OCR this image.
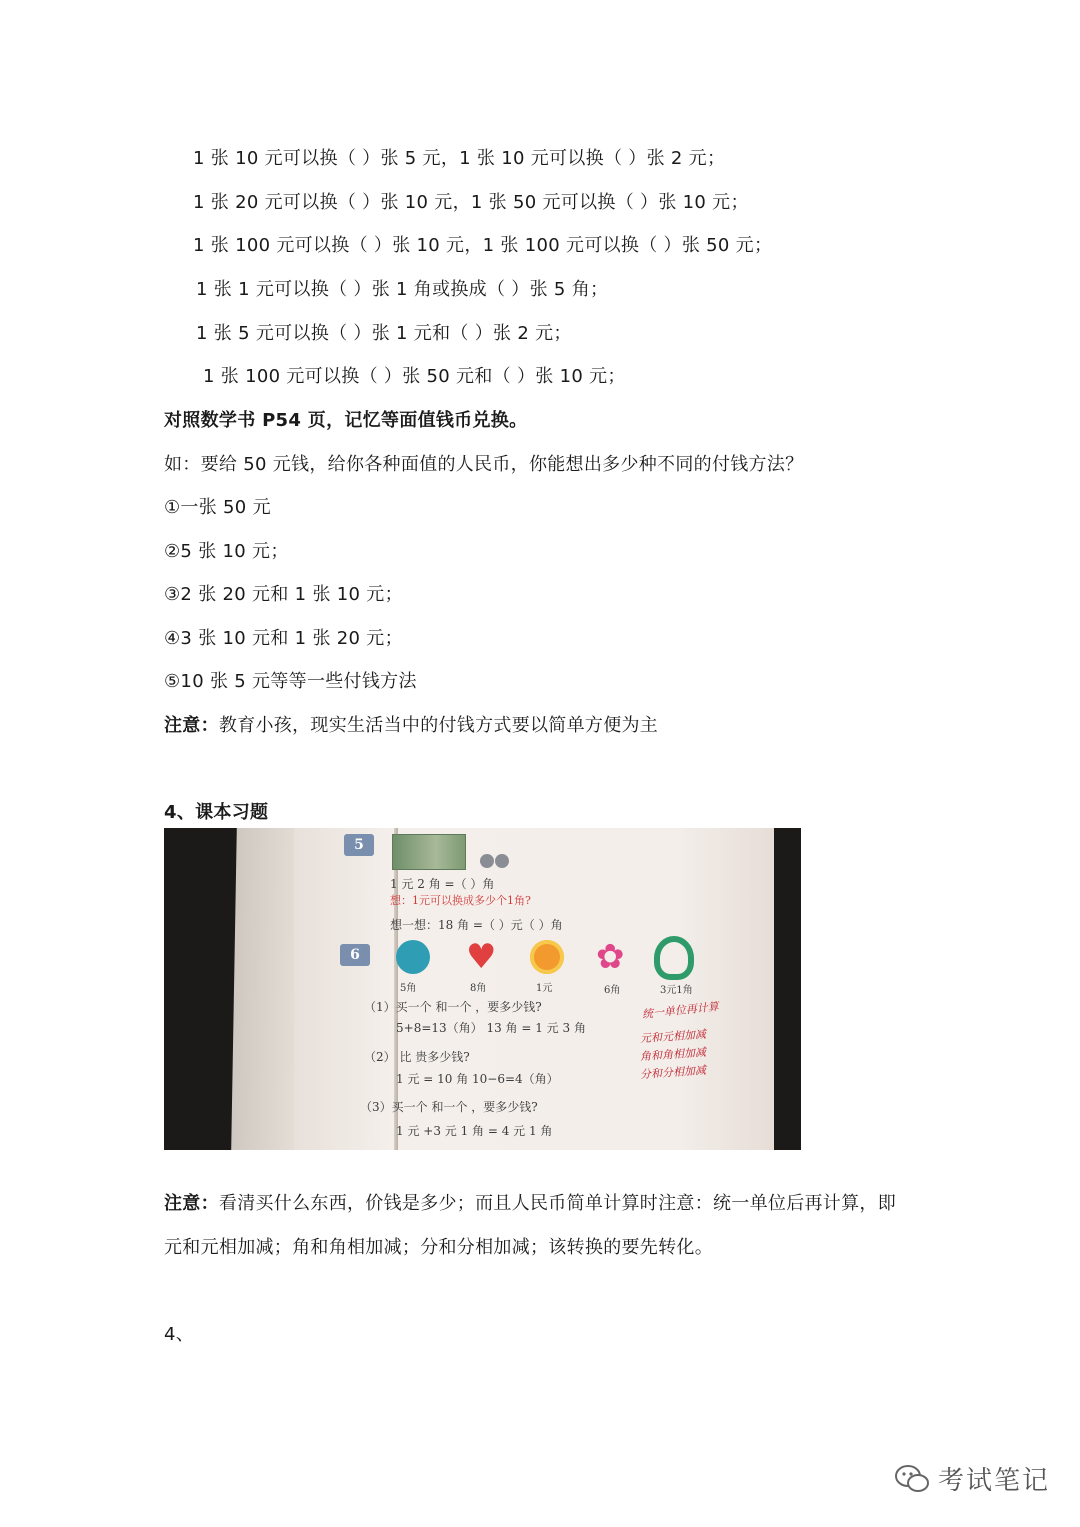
1 张 10 元可以换（ ）张 5 元，1 张 10 元可以换（ ）张 2 元；
1 张 20 元可以换（ ）张 10 元，1 张 50 元可以换（ ）张 10 元；
1 张 100 元可以换（ ）张 10 元，1 张 100 元可以换（ ）张 50 元；
1 张 1 元可以换（ ）张 1 角或换成（ ）张 5 角；
1 张 5 元可以换（ ）张 1 元和（ ）张 2 元；
1 张 100 元可以换（ ）张 50 元和（ ）张 10 元；
对照数学书 P54 页，记忆等面值钱币兑换。
如：要给 50 元钱，给你各种面值的人民币，你能想出多少种不同的付钱方法？
①一张 50 元
②5 张 10 元；
③2 张 20 元和 1 张 10 元；
④3 张 10 元和 1 张 20 元；
⑤10 张 5 元等等一些付钱方法
注意：教育小孩，现实生活当中的付钱方式要以简单方便为主
4、课本习题
5
1 元 2 角 =（ ）角
想：1元可以换成多少个1角?
想一想：18 角 =（ ）元（ ）角
6	♥	✿
5角	8角	1元	6角	3元1角
（1）买一个 和一个 ，要多少钱?
5+8=13（角） 13 角 = 1 元 3 角
（2） 比 贵多少钱?
1 元 = 10 角 10−6=4（角）
（3）买一个 和一个 ，要多少钱?
1 元 +3 元 1 角 = 4 元 1 角
统一单位再计算
元和元相加减
角和角相加减
分和分相加减
注意：看清买什么东西，价钱是多少；而且人民币简单计算时注意：统一单位后再计算，即
元和元相加减；角和角相加减；分和分相加减；该转换的要先转化。
4、
考试笔记
